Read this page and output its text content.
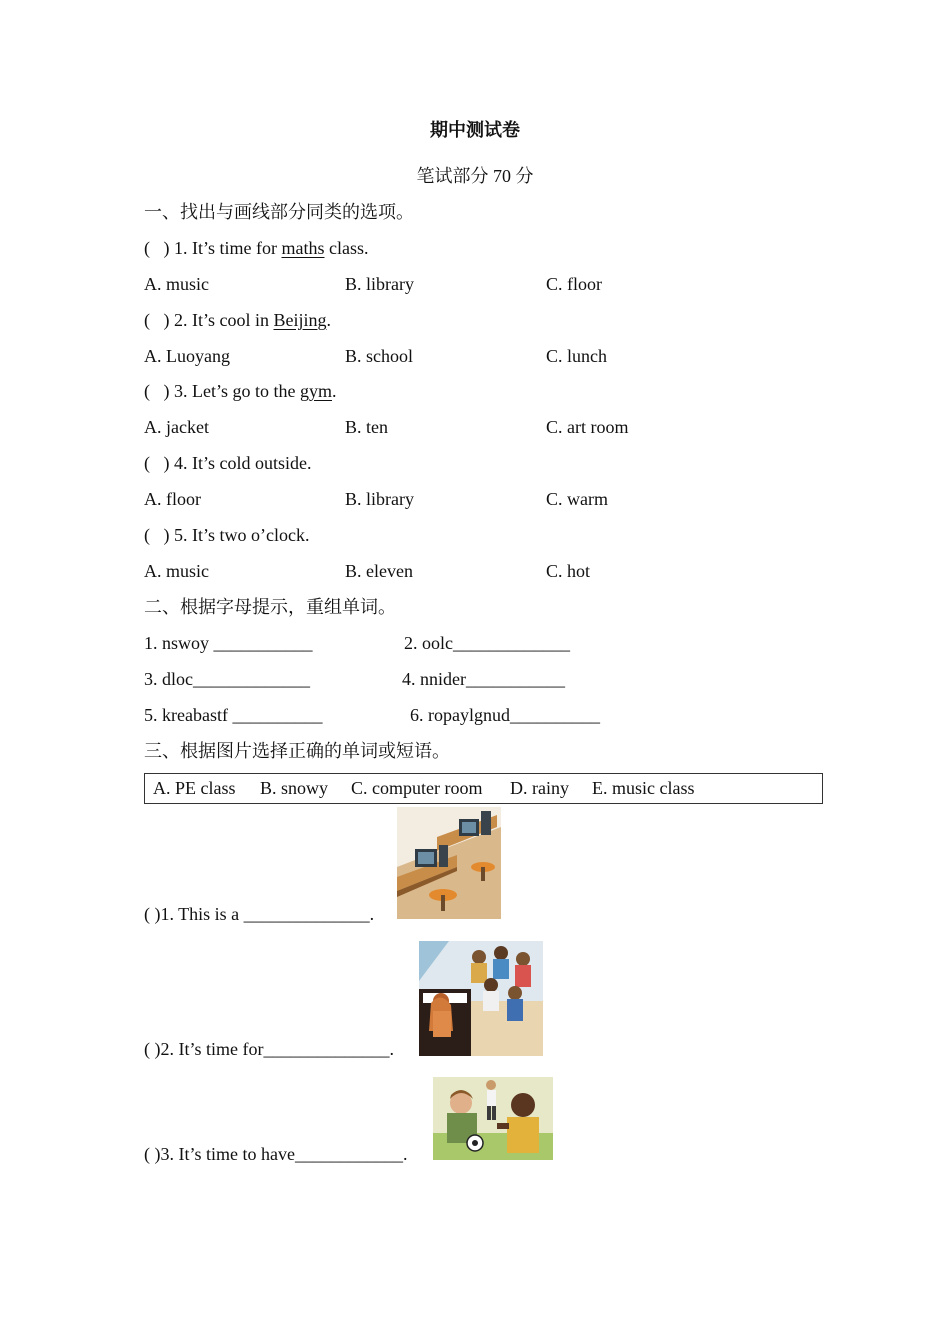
期中测试卷
笔试部分 70 分
一、找出与画线部分同类的选项。
( ) 1. It’s time for maths class.
A. music	B. library	C. floor
( ) 2. It’s cool in Beijing.
A. Luoyang	B. school	C. lunch
( ) 3. Let’s go to the gym.
A. jacket	B. ten	C. art room
( ) 4. It’s cold outside.
A. floor	B. library	C. warm
( ) 5. It’s two o’clock.
A. music	B. eleven	C. hot
二、根据字母提示，重组单词。
1. nswoy ___________	2. oolc_____________
3. dloc_____________	4. nnider___________
5. kreabastf __________	6. ropaylgnud__________
三、根据图片选择正确的单词或短语。
A. PE class B. snowy C. computer room D. rainy E. music class
( )1. This is a ______________.
( )2. It’s time for______________.
( )3. It’s time to have____________.
